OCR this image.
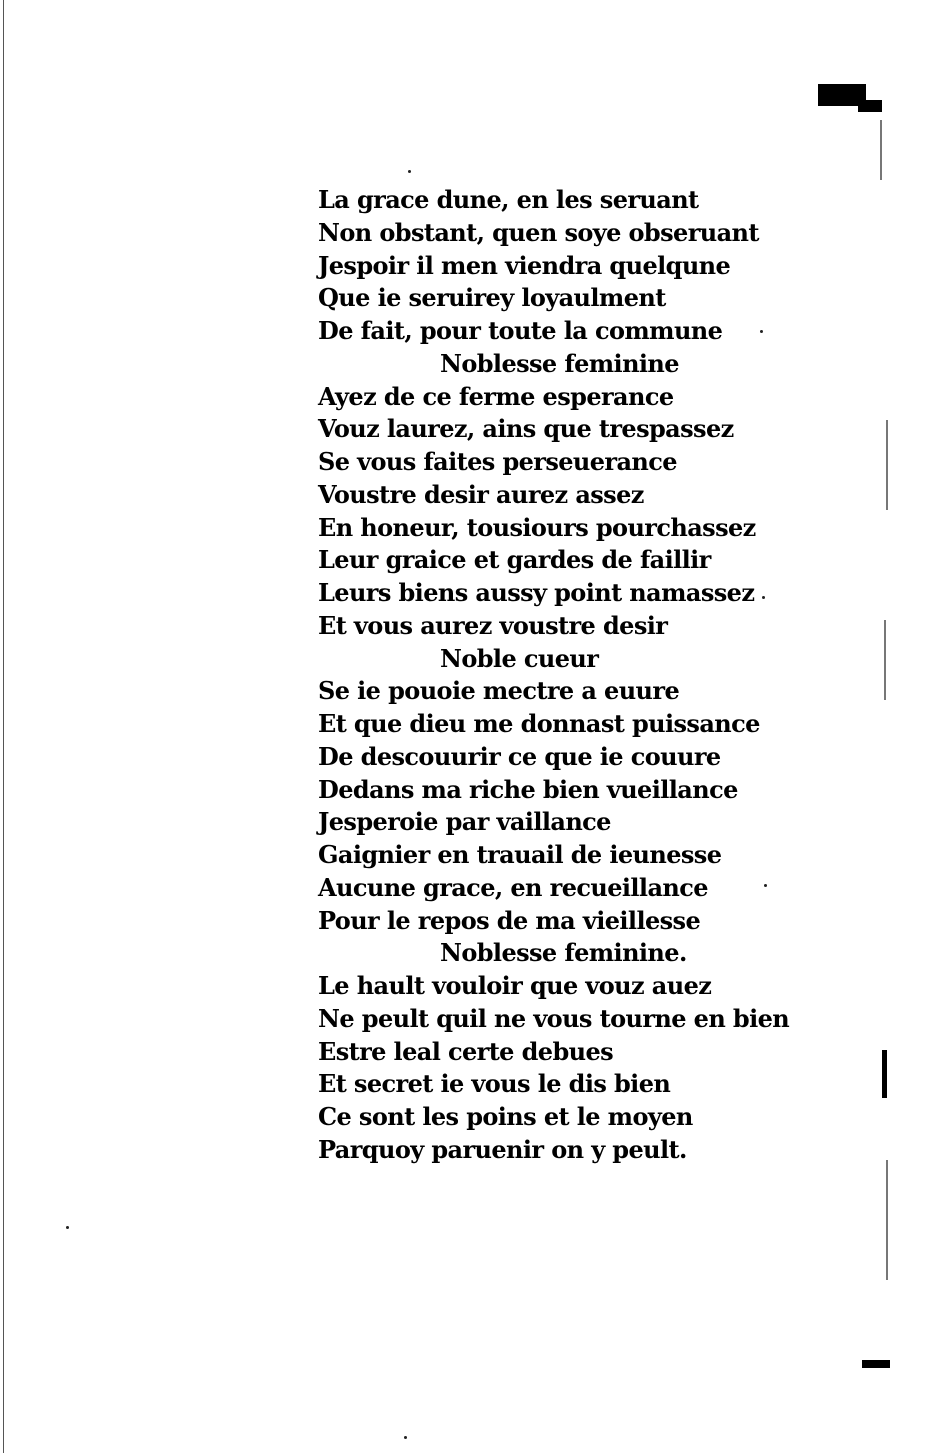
La grace dune, en les seruant
Non obstant, quen soye obseruant
Jespoir il men viendra quelqune
Que ie seruirey loyaulment
De fait, pour toute la commune
Noblesse feminine
Ayez de ce ferme esperance
Vouz laurez, ains que trespassez
Se vous faites perseuerance
Voustre desir aurez assez
En honeur, tousiours pourchassez
Leur graice et gardes de faillir
Leurs biens aussy point namassez
Et vous aurez voustre desir
Noble cueur
Se ie pouoie mectre a euure
Et que dieu me donnast puissance
De descouurir ce que ie couure
Dedans ma riche bien vueillance
Jesperoie par vaillance
Gaignier en trauail de ieunesse
Aucune grace, en recueillance
Pour le repos de ma vieillesse
Noblesse feminine.
Le hault vouloir que vouz auez
Ne peult quil ne vous tourne en bien
Estre leal certe debues
Et secret ie vous le dis bien
Ce sont les poins et le moyen
Parquoy paruenir on y peult.
